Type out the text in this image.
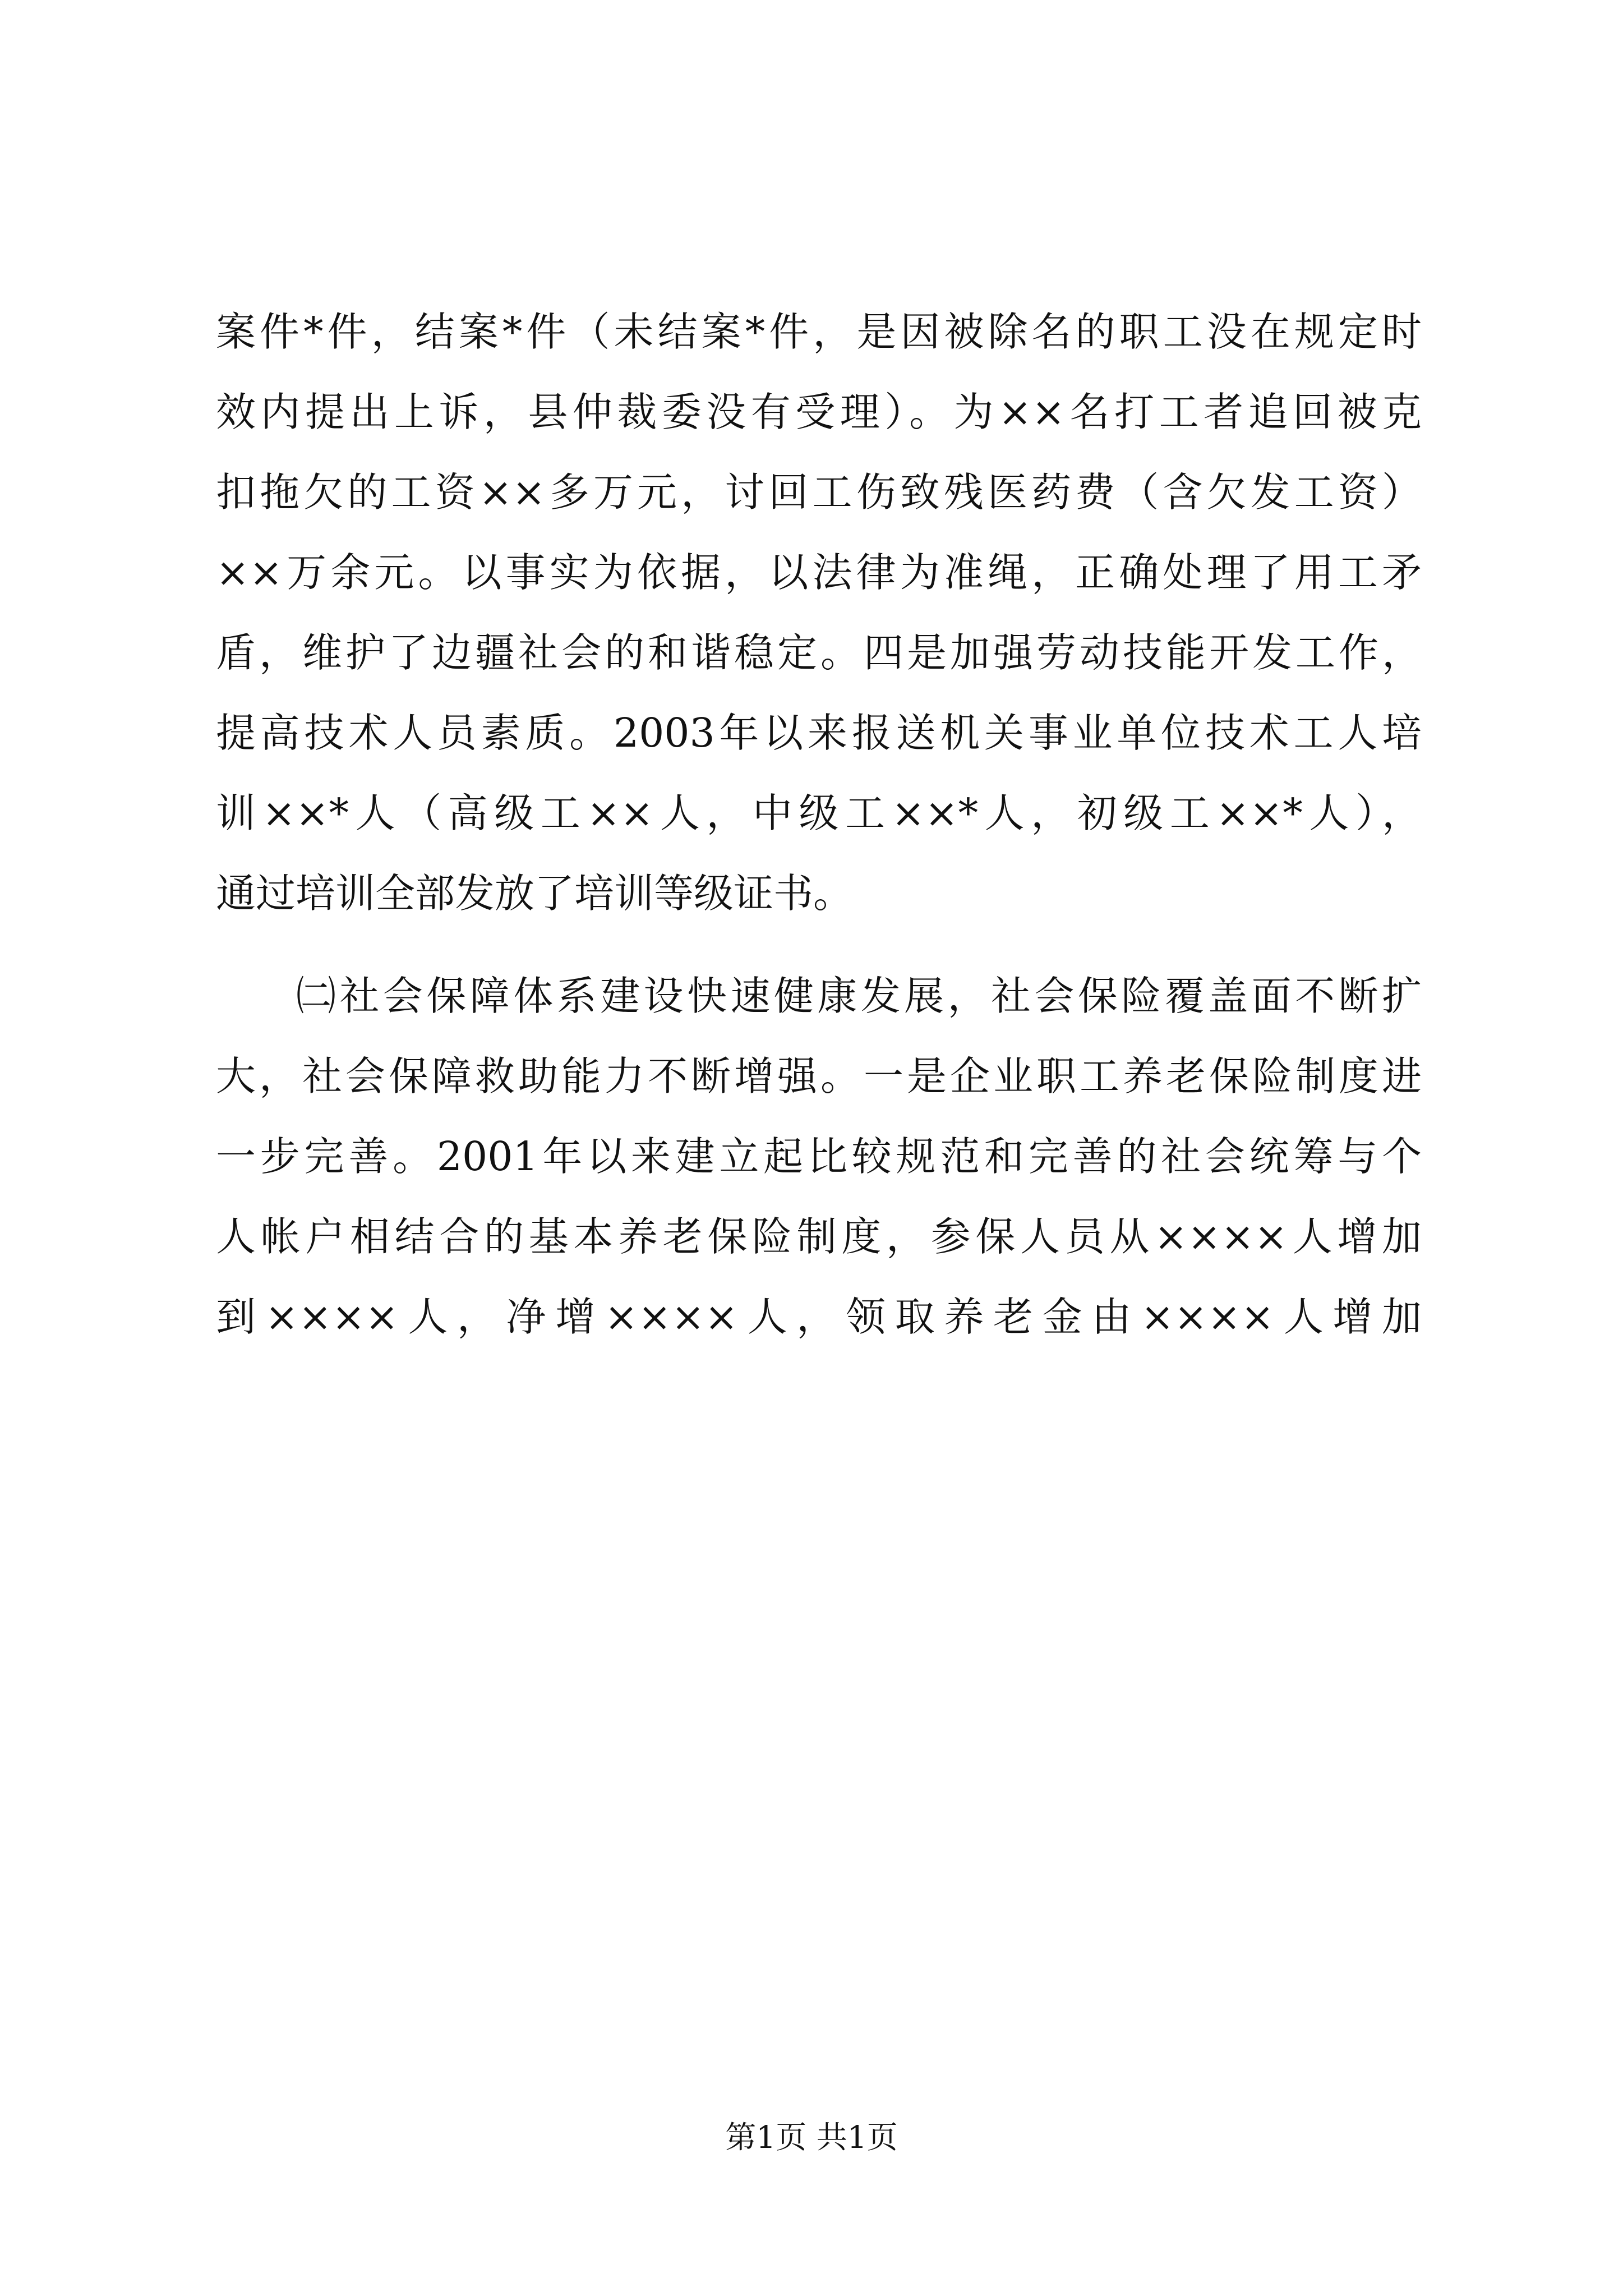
案件*件，结案*件（未结案*件，是因被除名的职工没在规定时
效内提出上诉，县仲裁委没有受理）。为××名打工者追回被克
扣拖欠的工资××多万元，讨回工伤致残医药费（含欠发工资）
××万余元。以事实为依据，以法律为准绳，正确处理了用工矛
盾，维护了边疆社会的和谐稳定。四是加强劳动技能开发工作，
提高技术人员素质。2003年以来报送机关事业单位技术工人培
训××*人（高级工××人，中级工××*人，初级工××*人），
通过培训全部发放了培训等级证书。
㈡社会保障体系建设快速健康发展，社会保险覆盖面不断扩
大，社会保障救助能力不断增强。一是企业职工养老保险制度进
一步完善。2001年以来建立起比较规范和完善的社会统筹与个
人帐户相结合的基本养老保险制度，参保人员从××××人增加
到××××人，净增××××人，领取养老金由××××人增加
第1页 共1页
